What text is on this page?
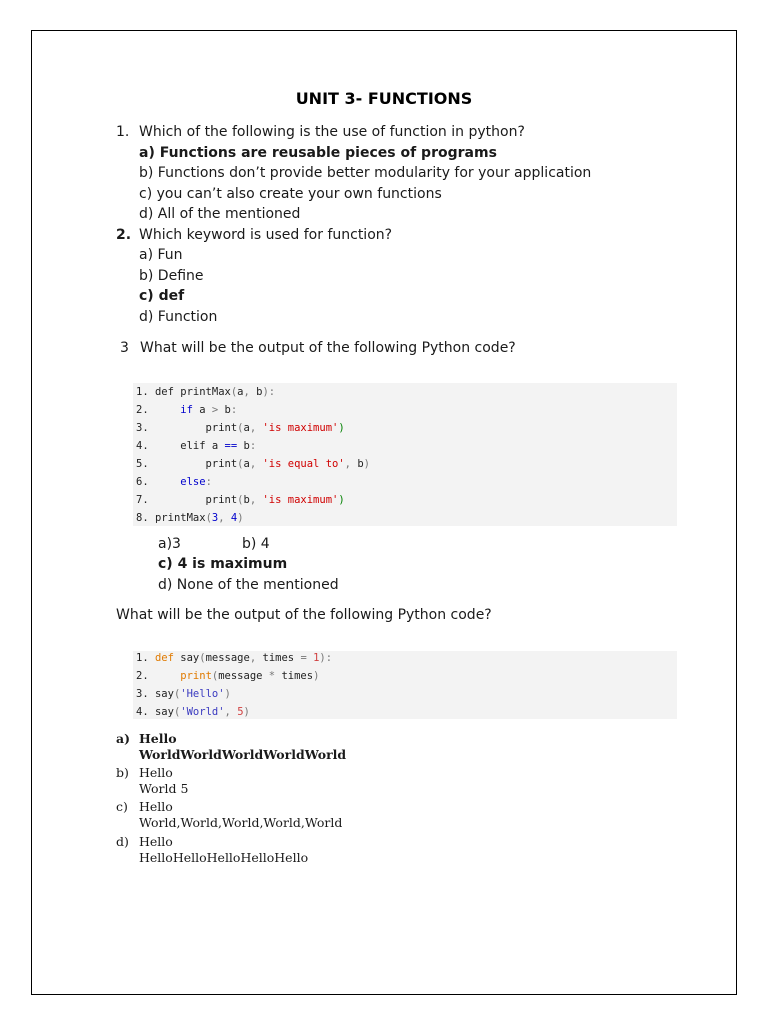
UNIT 3- FUNCTIONS
1. Which of the following is the use of function in python?
a) Functions are reusable pieces of programs
b) Functions don’t provide better modularity for your application
c) you can’t also create your own functions
d) All of the mentioned
2. Which keyword is used for function?
a) Fun
b) Define
c) def
d) Function
3 What will be the output of the following Python code?
1. def printMax(a, b):
2.	if a > b:
3.         print(a, 'is maximum')
4.     elif a == b:
5.         print(a, 'is equal to', b)
6.	else:
7.         print(b, 'is maximum')
8. printMax(3, 4)
a)3	b) 4
c) 4 is maximum
d) None of the mentioned
What will be the output of the following Python code?
1. def say(message, times = 1):
2.	print(message * times)
3. say('Hello')
4. say('World', 5)
a) Hello
WorldWorldWorldWorldWorld
b) Hello
World 5
c) Hello
World,World,World,World,World
d) Hello
HelloHelloHelloHelloHello
